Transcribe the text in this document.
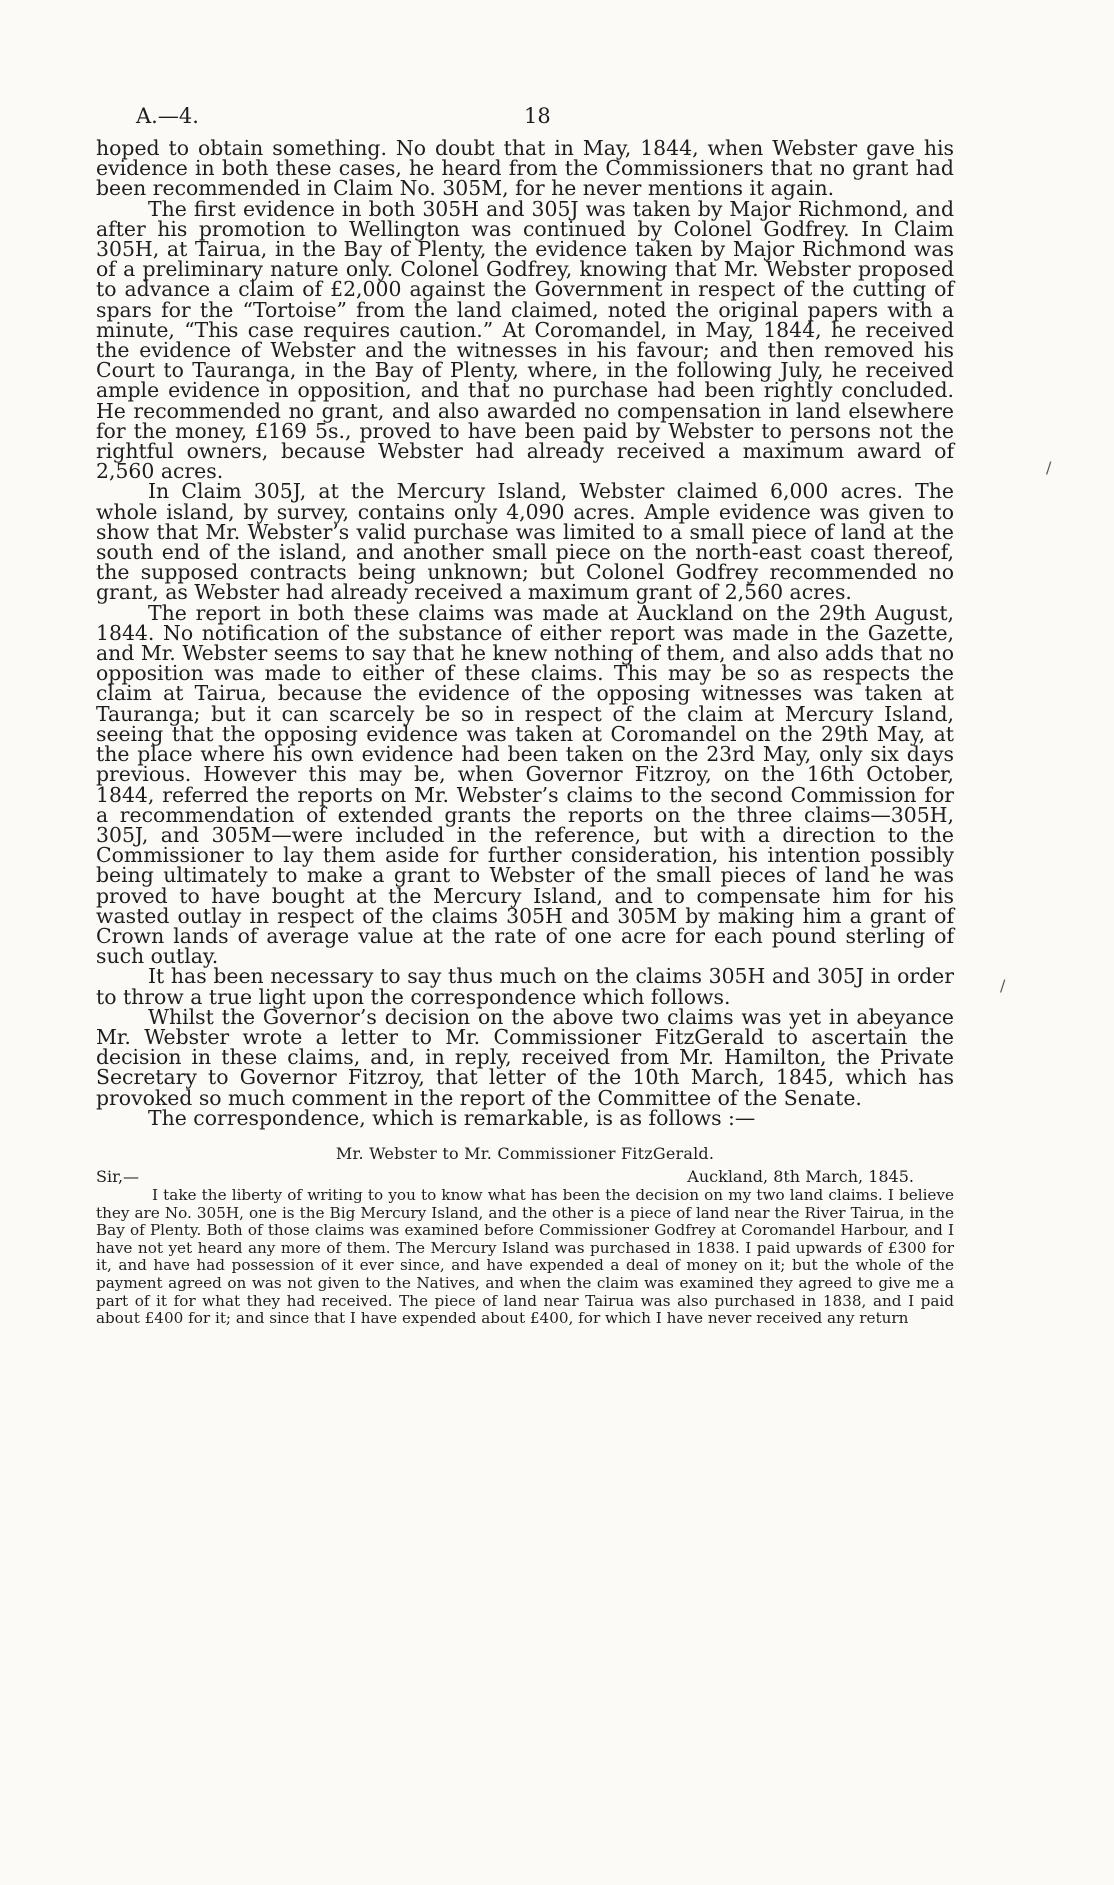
A.—4.	18

hoped to obtain something. No doubt that in May, 1844, when Webster gave his evidence in both these cases, he heard from the Commissioners that no grant had been recommended in Claim No. 305M, for he never mentions it again.

The first evidence in both 305H and 305J was taken by Major Richmond, and after his promotion to Wellington was continued by Colonel Godfrey. In Claim 305H, at Tairua, in the Bay of Plenty, the evidence taken by Major Richmond was of a preliminary nature only. Colonel Godfrey, knowing that Mr. Webster proposed to advance a claim of £2,000 against the Government in respect of the cutting of spars for the “Tortoise” from the land claimed, noted the original papers with a minute, “This case requires caution.” At Coromandel, in May, 1844, he received the evidence of Webster and the witnesses in his favour; and then removed his Court to Tauranga, in the Bay of Plenty, where, in the following July, he received ample evidence in opposition, and that no purchase had been rightly concluded. He recommended no grant, and also awarded no compensation in land elsewhere for the money, £169 5s., proved to have been paid by Webster to persons not the rightful owners, because Webster had already received a maximum award of 2,560 acres.

In Claim 305J, at the Mercury Island, Webster claimed 6,000 acres. The whole island, by survey, contains only 4,090 acres. Ample evidence was given to show that Mr. Webster’s valid purchase was limited to a small piece of land at the south end of the island, and another small piece on the north-east coast thereof, the supposed contracts being unknown; but Colonel Godfrey recommended no grant, as Webster had already received a maximum grant of 2,560 acres.

The report in both these claims was made at Auckland on the 29th August, 1844. No notification of the substance of either report was made in the Gazette, and Mr. Webster seems to say that he knew nothing of them, and also adds that no opposition was made to either of these claims. This may be so as respects the claim at Tairua, because the evidence of the opposing witnesses was taken at Tauranga; but it can scarcely be so in respect of the claim at Mercury Island, seeing that the opposing evidence was taken at Coromandel on the 29th May, at the place where his own evidence had been taken on the 23rd May, only six days previous. However this may be, when Governor Fitzroy, on the 16th October, 1844, referred the reports on Mr. Webster’s claims to the second Commission for a recommendation of extended grants the reports on the three claims—305H, 305J, and 305M—were included in the reference, but with a direction to the Commissioner to lay them aside for further consideration, his intention possibly being ultimately to make a grant to Webster of the small pieces of land he was proved to have bought at the Mercury Island, and to compensate him for his wasted outlay in respect of the claims 305H and 305M by making him a grant of Crown lands of average value at the rate of one acre for each pound sterling of such outlay.

It has been necessary to say thus much on the claims 305H and 305J in order to throw a true light upon the correspondence which follows.

Whilst the Governor’s decision on the above two claims was yet in abeyance Mr. Webster wrote a letter to Mr. Commissioner FitzGerald to ascertain the decision in these claims, and, in reply, received from Mr. Hamilton, the Private Secretary to Governor Fitzroy, that letter of the 10th March, 1845, which has provoked so much comment in the report of the Committee of the Senate.

The correspondence, which is remarkable, is as follows :—

Mr. Webster to Mr. Commissioner FitzGerald.
Sir,—	Auckland, 8th March, 1845.

I take the liberty of writing to you to know what has been the decision on my two land claims. I believe they are No. 305H, one is the Big Mercury Island, and the other is a piece of land near the River Tairua, in the Bay of Plenty. Both of those claims was examined before Commissioner Godfrey at Coromandel Harbour, and I have not yet heard any more of them. The Mercury Island was purchased in 1838. I paid upwards of £300 for it, and have had possession of it ever since, and have expended a deal of money on it; but the whole of the payment agreed on was not given to the Natives, and when the claim was examined they agreed to give me a part of it for what they had received. The piece of land near Tairua was also purchased in 1838, and I paid about £400 for it; and since that I have expended about £400, for which I have never received any return

/
/
